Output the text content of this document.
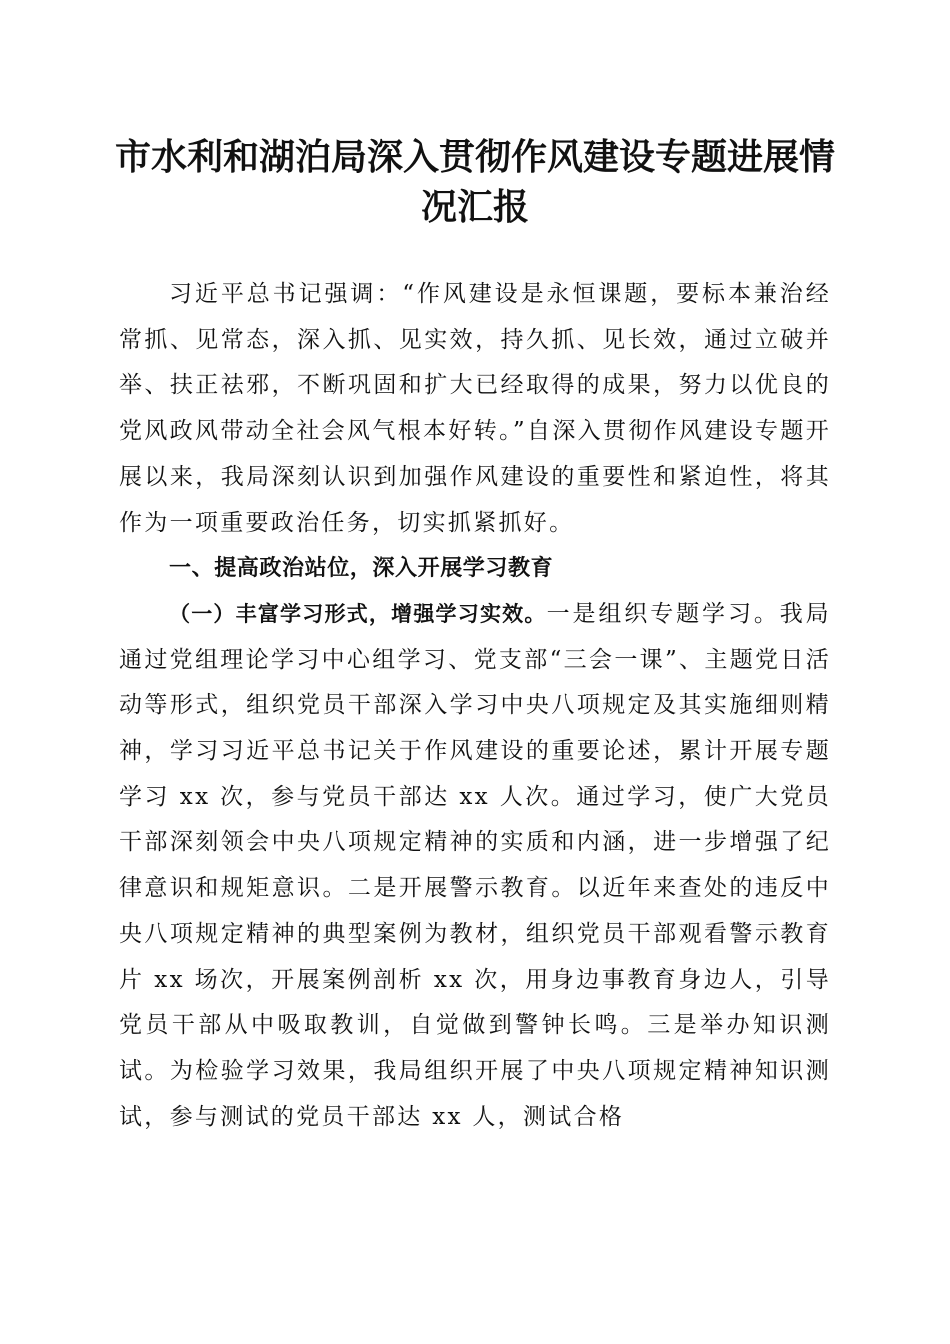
市水利和湖泊局深入贯彻作风建设专题进展情况汇报

习近平总书记强调：“作风建设是永恒课题，要标本兼治经常抓、见常态，深入抓、见实效，持久抓、见长效，通过立破并举、扶正祛邪，不断巩固和扩大已经取得的成果，努力以优良的党风政风带动全社会风气根本好转。”自深入贯彻作风建设专题开展以来，我局深刻认识到加强作风建设的重要性和紧迫性，将其作为一项重要政治任务，切实抓紧抓好。

一、提高政治站位，深入开展学习教育

（一）丰富学习形式，增强学习实效。一是组织专题学习。我局通过党组理论学习中心组学习、党支部“三会一课”、主题党日活动等形式，组织党员干部深入学习中央八项规定及其实施细则精神，学习习近平总书记关于作风建设的重要论述，累计开展专题学习 xx 次，参与党员干部达 xx 人次。通过学习，使广大党员干部深刻领会中央八项规定精神的实质和内涵，进一步增强了纪律意识和规矩意识。二是开展警示教育。以近年来查处的违反中央八项规定精神的典型案例为教材，组织党员干部观看警示教育片 xx 场次，开展案例剖析 xx 次，用身边事教育身边人，引导党员干部从中吸取教训，自觉做到警钟长鸣。三是举办知识测试。为检验学习效果，我局组织开展了中央八项规定精神知识测试，参与测试的党员干部达 xx 人，测试合格
